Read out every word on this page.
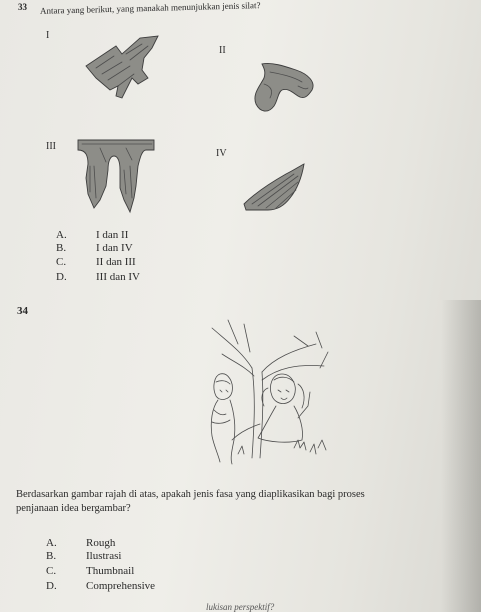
33 Antara yang berikut, yang manakah menunjukkan jenis silat?
I
II
III
IV
A.	I dan II
B.	I dan IV
C.	II dan III
D.	III dan IV
34
Berdasarkan gambar rajah di atas, apakah jenis fasa yang diaplikasikan bagi proses
penjanaan idea bergambar?
A.	Rough
B.	Ilustrasi
C.	Thumbnail
D.	Comprehensive
lukisan perspektif?
